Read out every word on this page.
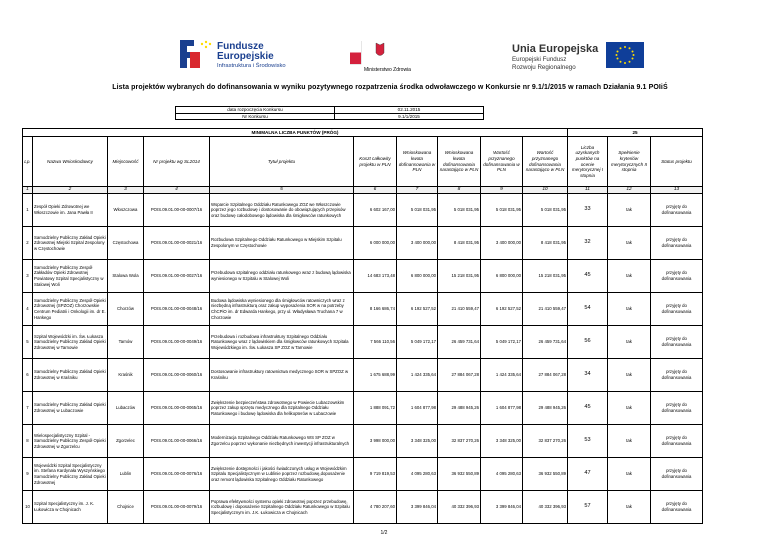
Fundusze
Europejskie
Infrastruktura i Środowisko
Ministerstwo Zdrowia
Unia Europejska
Europejski Fundusz
Rozwoju Regionalnego
Lista projektów wybranych do dofinansowania w wyniku pozytywnego rozpatrzenia środka odwoławczego w Konkursie nr 9.1/1/2015 w ramach Działania 9.1 POIiŚ
data rozpoczęcia Konkursu	02.11.2015
Nr Konkursu	9.1/1/2015
MINIMALNA LICZBA PUNKTÓW (PRÓG)										25		
Lp.	Nazwa Wnioskodawcy	Miejscowość	Nr projektu wg SL2014	Tytuł projektu	Koszt całkowity projektu w PLN	Wnioskowana kwota dofinansowania w PLN	Wnioskowana kwota dofinansowania narastająco w PLN	Wartość przyznanego dofinansowania w PLN	Wartość przyznanego dofinansowania narastająco w PLN	Liczba uzyskanych punktów na ocenie merytorycznej I stopnia	Spełnienie kryteriów merytorycznych II stopnia	Status projektu
1	2	3	4	5	6	7	8	9	10	11	12	13
1	Zespół Opieki Zdrowotnej we Włoszczowie im. Jana Pawła II	Włoszczowa	POIS.09.01.00-00-0007/16	Wsparcie Szpitalnego Oddziału Ratunkowego ZOZ we Włoszczowie poprzez jego rozbudowę i dostosowanie do obowiązujących przepisów oraz budowę całodobowego lądowiska dla śmigłowców ratunkowych	6 602 167,00	5 018 031,95	5 018 031,95	5 018 031,95	5 018 031,95	33	tak	przyjęty do dofinansowania
2	Samodzielny Publiczny Zakład Opieki Zdrowotnej Miejski Szpital Zespolony w Częstochowie	Częstochowa	POIS.09.01.00-00-0021/16	Rozbudowa Szpitalnego Oddziału Ratunkowego w Miejskim Szpitalu Zespolonym w Częstochowie	6 000 000,00	3 400 000,00	8 418 031,95	3 400 000,00	8 418 031,95	32	tak	przyjęty do dofinansowania
3	Samodzielny Publiczny Zespół Zakładów Opieki Zdrowotnej Powiatowy Szpital Specjalistyczny w Stalowej Woli	Stalowa Wola	POIS.09.01.00-00-0027/16	Przebudowa szpitalnego oddziału ratunkowego wraz z budową lądowiska wyniesionego w Szpitalu w Stalowej Woli	14 683 173,48	6 800 000,00	15 218 031,95	6 800 000,00	15 218 031,95	45	tak	przyjęty do dofinansowania
4	Samodzielny Publiczny Zespół Opieki Zdrowotnej (SPZOZ) Chorzowskie Centrum Pediatrii i Onkologii im. dr E. Hankego	Chorzów	POIS.09.01.00-00-0048/16	Budowa lądowiska wyniesionego dla śmigłowców ratowniczych wraz z niezbędną infrastrukturą oraz zakup wyposażenia SOR w na potrzeby ChCPiO im. dr Edwarda Hankego, przy ul. Władysława Truchana 7 w Chorzowie	8 166 686,74	6 192 527,52	21 410 559,47	6 192 527,52	21 410 559,47	54	tak	przyjęty do dofinansowania
5	Szpital Wojewódzki im. Św. Łukasza Samodzielny Publiczny Zakład Opieki Zdrowotnej w Tarnowie	Tarnów	POIS.09.01.00-00-0049/16	Przebudowa i rozbudowa infrastruktury Szpitalnego Oddziału Ratunkowego wraz z lądowiskiem dla śmigłowców ratunkowych Szpitala Wojewódzkiego im. Św. Łukasza SP ZOZ w Tarnowie	7 566 110,56	5 049 172,17	26 459 731,64	5 049 172,17	26 459 731,64	56	tak	przyjęty do dofinansowania
6	Samodzielny Publiczny Zakład Opieki Zdrowotnej w Kraśniku	Kraśnik	POIS.09.01.00-00-0060/16	Dostosowanie infrastruktury ratownictwa medycznego SOR w SPZOZ w Kraśniku	1 675 688,99	1 424 335,64	27 884 067,28	1 424 335,64	27 884 067,28	34	tak	przyjęty do dofinansowania
7	Samodzielny Publiczny Zakład Opieki Zdrowotnej w Lubaczowie	Lubaczów	POIS.09.01.00-00-0065/16	Zwiększenie bezpieczeństwa zdrowotnego w Powiecie Lubaczowskim poprzez zakup sprzętu medycznego dla Szpitalnego Oddziału Ratunkowego i budowę lądowiska dla helikopterów w Lubaczowie	1 888 091,72	1 604 877,98	29 488 945,26	1 604 877,98	29 488 945,26	45	tak	przyjęty do dofinansowania
8	Wielospecjalistyczny Szpital - Samodzielny Publiczny Zespół Opieki Zdrowotnej w Zgorzelcu	Zgorzelec	POIS.09.01.00-00-0066/16	Modernizacja Szpitalnego Oddziału Ratunkowego WS SP ZOZ w Zgorzelcu poprzez wykonanie niezbędnych inwestycji infrastrukturalnych	3 998 000,00	3 348 325,00	32 837 270,26	3 348 325,00	32 837 270,26	53	tak	przyjęty do dofinansowania
9	Wojewódzki Szpital Specjalistyczny im. Stefana Kardynała Wyszyńskiego Samodzielny Publiczny Zakład Opieki Zdrowotnej	Lublin	POIS.09.01.00-00-0076/16	Zwiększenie dostępności i jakości świadczonych usług w Wojewódzkim Szpitalu Specjalistycznym w Lublinie poprzez rozbudowę,doposażenie oraz remont lądowiska Szpitalnego Oddziału Ratunkowego	9 719 819,53	4 095 280,63	36 932 550,89	4 095 280,63	36 932 550,89	47	tak	przyjęty do dofinansowania
10	Szpital Specjalistyczny im. J. K. Łukowicza w Chojnicach	Chojnice	POIS.09.01.00-00-0079/16	Poprawa efektywności systemu opieki zdrowotnej poprzez przebudowę, rozbudowę i doposażenie Szpitalnego Oddziału Ratunkowego w Szpitalu Specjalistycznym im. J.K. Łukowicza w Chojnicach	4 780 207,60	3 399 846,04	40 332 396,93	3 399 846,04	40 332 396,93	57	tak	przyjęty do dofinansowania
1/2
